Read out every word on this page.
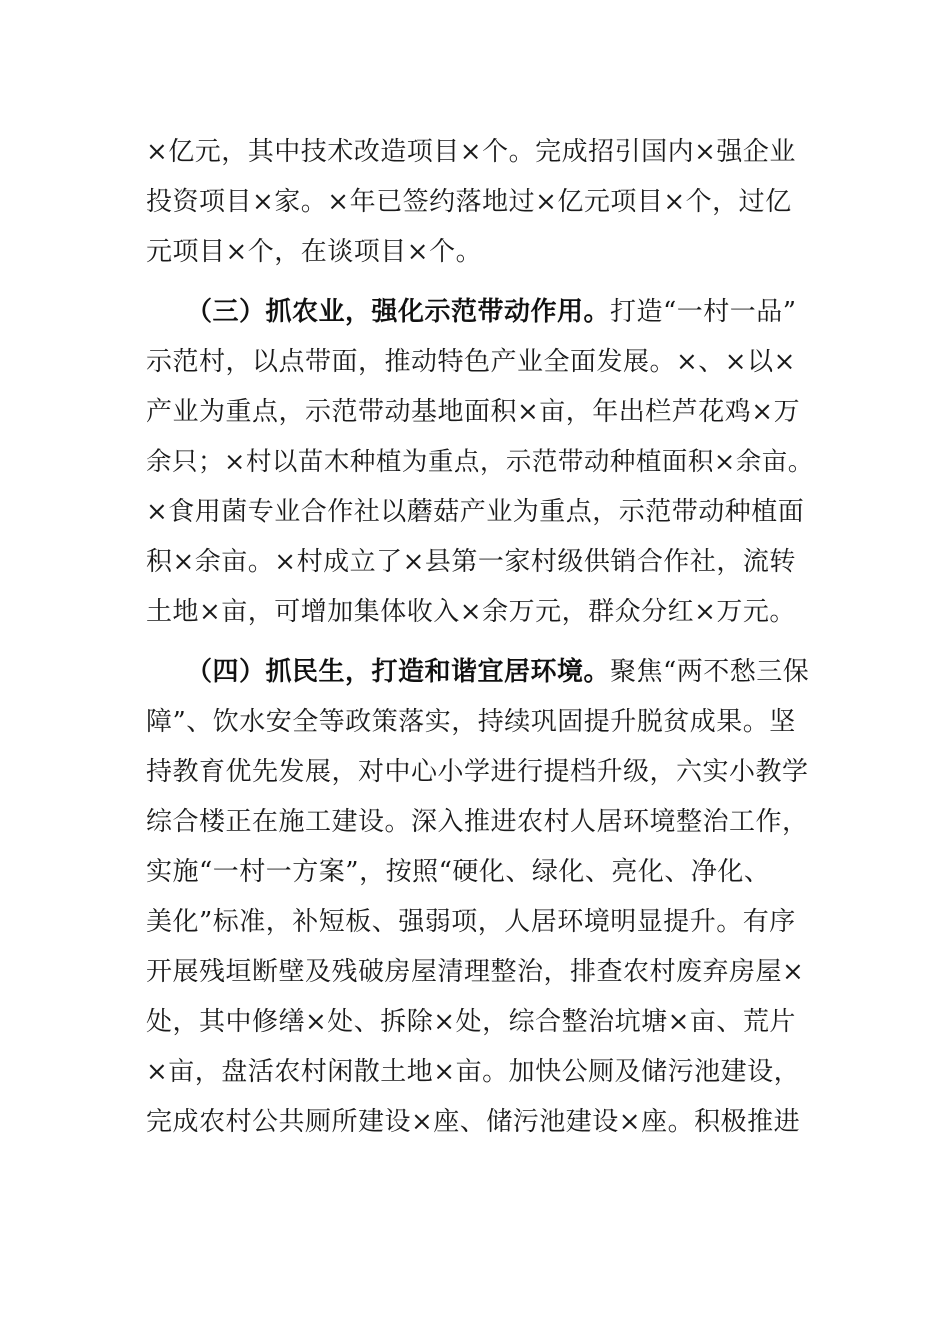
×亿元，其中技术改造项目×个。完成招引国内×强企业
投资项目×家。×年已签约落地过×亿元项目×个，过亿
元项目×个，在谈项目×个。
（三）抓农业，强化示范带动作用。打造“一村一品”
示范村，以点带面，推动特色产业全面发展。×、×以×
产业为重点，示范带动基地面积×亩，年出栏芦花鸡×万
余只；×村以苗木种植为重点，示范带动种植面积×余亩。
×食用菌专业合作社以蘑菇产业为重点，示范带动种植面
积×余亩。×村成立了×县第一家村级供销合作社，流转
土地×亩，可增加集体收入×余万元，群众分红×万元。
（四）抓民生，打造和谐宜居环境。聚焦“两不愁三保
障”、饮水安全等政策落实，持续巩固提升脱贫成果。坚
持教育优先发展，对中心小学进行提档升级，六实小教学
综合楼正在施工建设。深入推进农村人居环境整治工作，
实施“一村一方案”，按照“硬化、绿化、亮化、净化、
美化”标准，补短板、强弱项，人居环境明显提升。有序
开展残垣断壁及残破房屋清理整治，排查农村废弃房屋×
处，其中修缮×处、拆除×处，综合整治坑塘×亩、荒片
×亩，盘活农村闲散土地×亩。加快公厕及储污池建设，
完成农村公共厕所建设×座、储污池建设×座。积极推进
